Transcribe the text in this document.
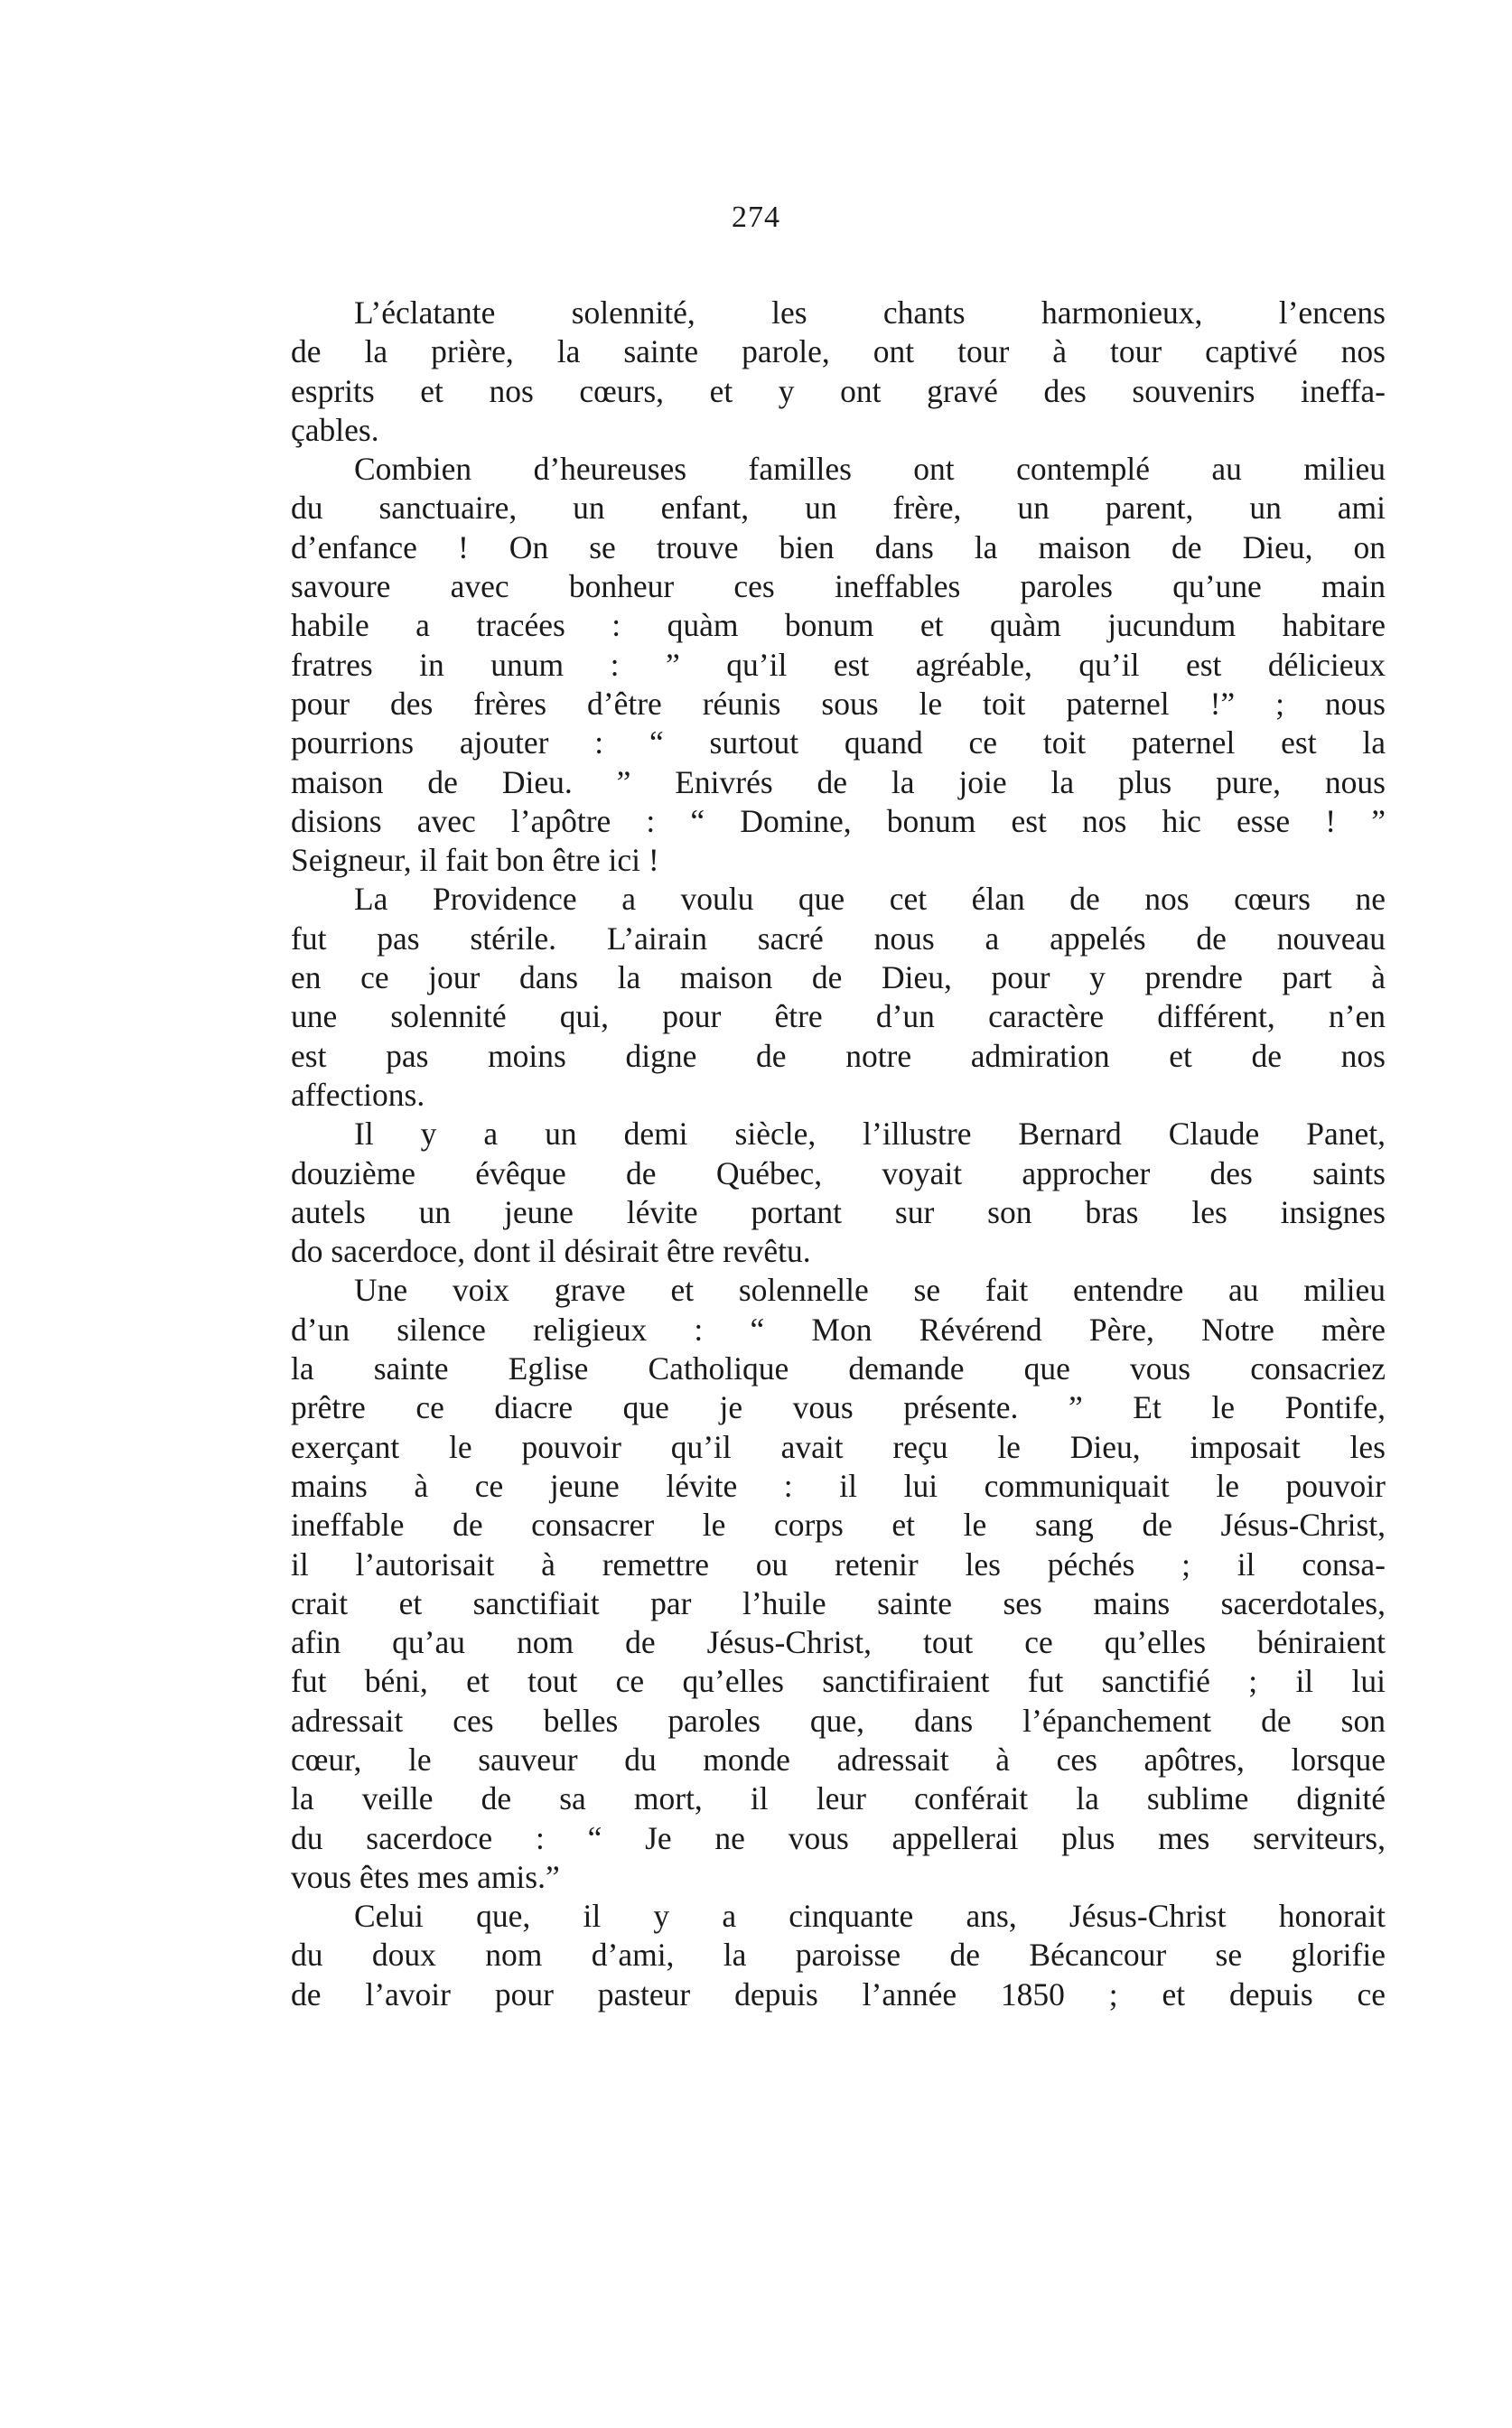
274
L’éclatante solennité, les chants harmonieux, l’encens
de la prière, la sainte parole, ont tour à tour captivé nos
esprits et nos cœurs, et y ont gravé des souvenirs ineffa-
çables.
Combien d’heureuses familles ont contemplé au milieu
du sanctuaire, un enfant, un frère, un parent, un ami
d’enfance ! On se trouve bien dans la maison de Dieu, on
savoure avec bonheur ces ineffables paroles qu’une main
habile a tracées : quàm bonum et quàm jucundum habitare
fratres in unum : ” qu’il est agréable, qu’il est délicieux
pour des frères d’être réunis sous le toit paternel !” ; nous
pourrions ajouter : “ surtout quand ce toit paternel est la
maison de Dieu. ” Enivrés de la joie la plus pure, nous
disions avec l’apôtre : “ Domine, bonum est nos hic esse ! ”
Seigneur, il fait bon être ici !
La Providence a voulu que cet élan de nos cœurs ne
fut pas stérile. L’airain sacré nous a appelés de nouveau
en ce jour dans la maison de Dieu, pour y prendre part à
une solennité qui, pour être d’un caractère différent, n’en
est pas moins digne de notre admiration et de nos
affections.
Il y a un demi siècle, l’illustre Bernard Claude Panet,
douzième évêque de Québec, voyait approcher des saints
autels un jeune lévite portant sur son bras les insignes
do sacerdoce, dont il désirait être revêtu.
Une voix grave et solennelle se fait entendre au milieu
d’un silence religieux : “ Mon Révérend Père, Notre mère
la sainte Eglise Catholique demande que vous consacriez
prêtre ce diacre que je vous présente. ” Et le Pontife,
exerçant le pouvoir qu’il avait reçu le Dieu, imposait les
mains à ce jeune lévite : il lui communiquait le pouvoir
ineffable de consacrer le corps et le sang de Jésus-Christ,
il l’autorisait à remettre ou retenir les péchés ; il consa-
crait et sanctifiait par l’huile sainte ses mains sacerdotales,
afin qu’au nom de Jésus-Christ, tout ce qu’elles béniraient
fut béni, et tout ce qu’elles sanctifiraient fut sanctifié ; il lui
adressait ces belles paroles que, dans l’épanchement de son
cœur, le sauveur du monde adressait à ces apôtres, lorsque
la veille de sa mort, il leur conférait la sublime dignité
du sacerdoce : “ Je ne vous appellerai plus mes serviteurs,
vous êtes mes amis.”
Celui que, il y a cinquante ans, Jésus-Christ honorait
du doux nom d’ami, la paroisse de Bécancour se glorifie
de l’avoir pour pasteur depuis l’année 1850 ; et depuis ce
